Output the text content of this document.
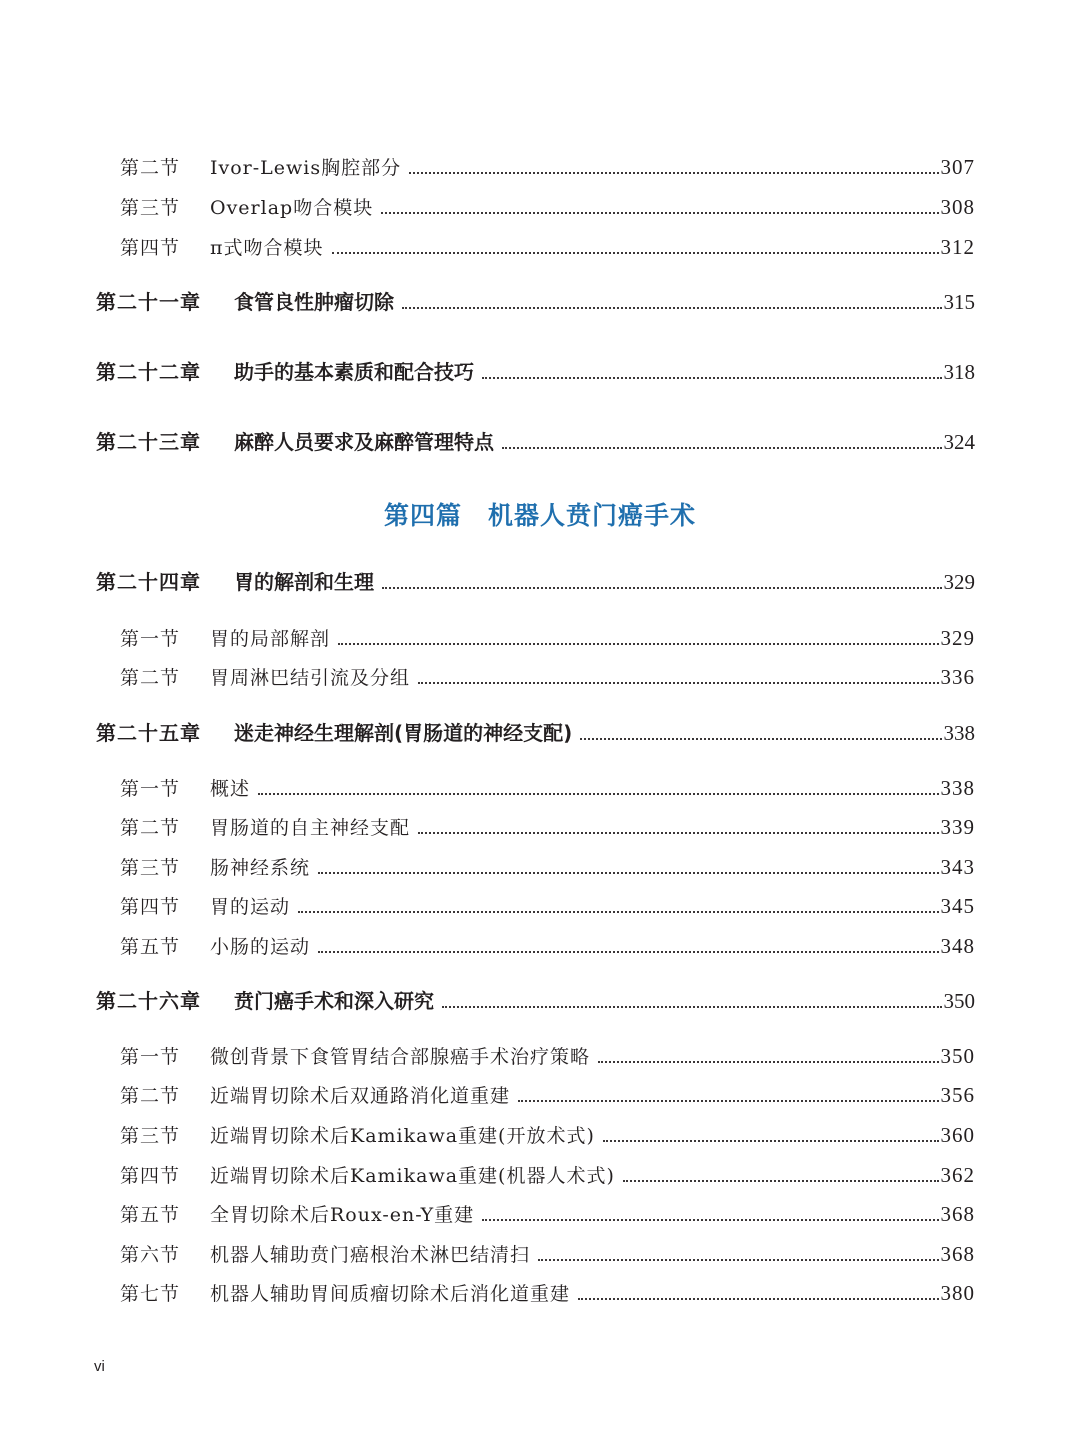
第二节	Ivor-Lewis胸腔部分	307
第三节	Overlap吻合模块	308
第四节	π式吻合模块	312
第二十一章	食管良性肿瘤切除	315
第二十二章	助手的基本素质和配合技巧	318
第二十三章	麻醉人员要求及麻醉管理特点	324
第四篇 机器人贲门癌手术
第二十四章	胃的解剖和生理	329
第一节	胃的局部解剖	329
第二节	胃周淋巴结引流及分组	336
第二十五章	迷走神经生理解剖(胃肠道的神经支配)	338
第一节	概述	338
第二节	胃肠道的自主神经支配	339
第三节	肠神经系统	343
第四节	胃的运动	345
第五节	小肠的运动	348
第二十六章	贲门癌手术和深入研究	350
第一节	微创背景下食管胃结合部腺癌手术治疗策略	350
第二节	近端胃切除术后双通路消化道重建	356
第三节	近端胃切除术后Kamikawa重建(开放术式)	360
第四节	近端胃切除术后Kamikawa重建(机器人术式)	362
第五节	全胃切除术后Roux-en-Y重建	368
第六节	机器人辅助贲门癌根治术淋巴结清扫	368
第七节	机器人辅助胃间质瘤切除术后消化道重建	380
vi
